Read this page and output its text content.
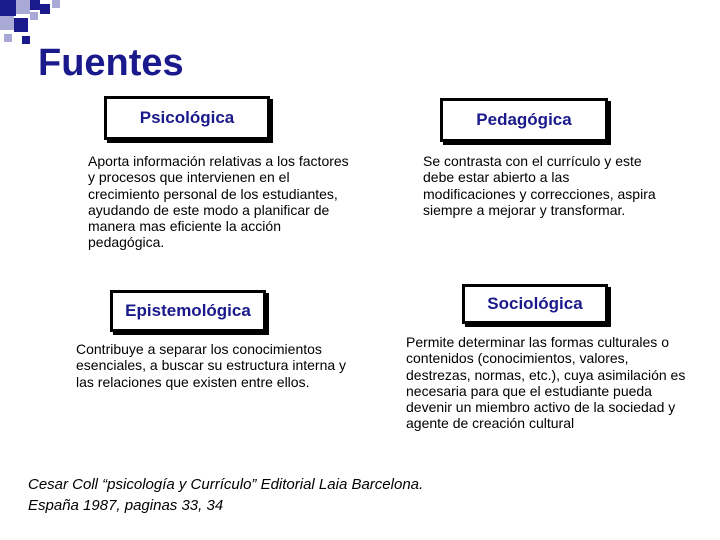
Fuentes
Psicológica

Aporta información relativas a los factores y procesos que intervienen en el crecimiento personal de los estudiantes, ayudando de este modo a planificar de manera mas eficiente la acción pedagógica.

Pedagógica

Se contrasta con el currículo y este debe estar abierto a las modificaciones y correcciones, aspira siempre a mejorar y transformar.

Epistemológica

Contribuye a separar los conocimientos esenciales, a buscar su estructura interna y las relaciones que existen entre ellos.

Sociológica

Permite determinar las formas culturales o contenidos (conocimientos, valores, destrezas, normas, etc.), cuya asimilación es necesaria para que el estudiante pueda devenir un miembro activo de la sociedad y agente de creación cultural

Cesar Coll “psicología y Currículo” Editorial Laia Barcelona.
España 1987, paginas 33, 34
